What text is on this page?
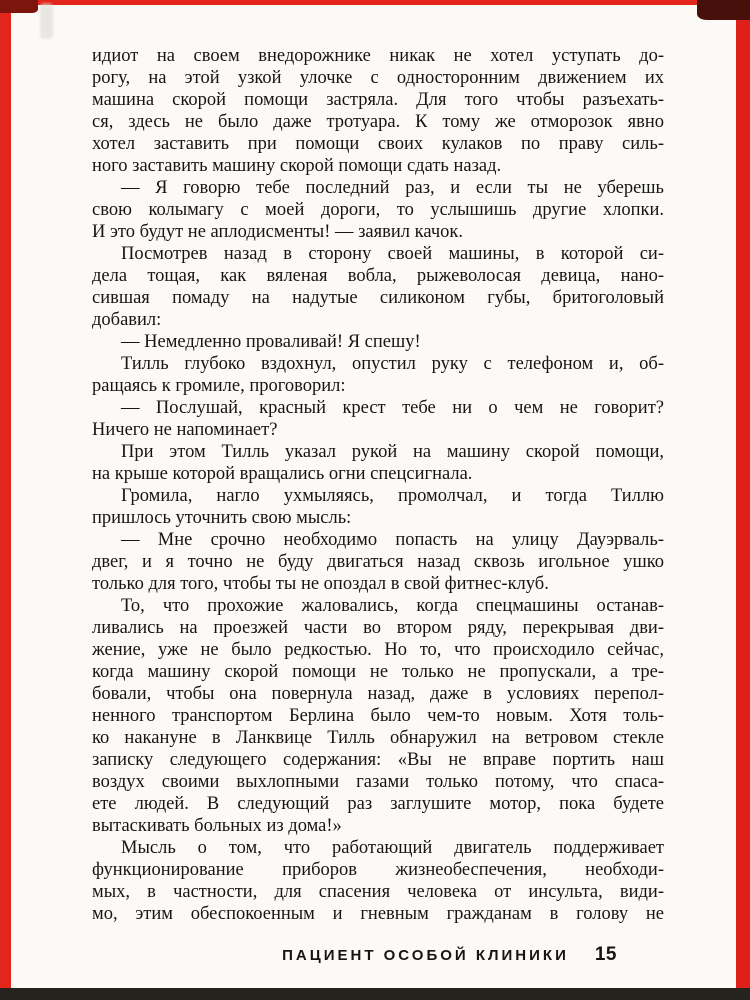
идиот на своем внедорожнике никак не хотел уступать до-
рогу, на этой узкой улочке с односторонним движением их
машина скорой помощи застряла. Для того чтобы разъехать-
ся, здесь не было даже тротуара. К тому же отморозок явно
хотел заставить при помощи своих кулаков по праву силь-
ного заставить машину скорой помощи сдать назад.
— Я говорю тебе последний раз, и если ты не уберешь
свою колымагу с моей дороги, то услышишь другие хлопки.
И это будут не аплодисменты! — заявил качок.
Посмотрев назад в сторону своей машины, в которой си-
дела тощая, как вяленая вобла, рыжеволосая девица, нано-
сившая помаду на надутые силиконом губы, бритоголовый
добавил:
— Немедленно проваливай! Я спешу!
Тилль глубоко вздохнул, опустил руку с телефоном и, об-
ращаясь к громиле, проговорил:
— Послушай, красный крест тебе ни о чем не говорит?
Ничего не напоминает?
При этом Тилль указал рукой на машину скорой помощи,
на крыше которой вращались огни спецсигнала.
Громила, нагло ухмыляясь, промолчал, и тогда Тиллю
пришлось уточнить свою мысль:
— Мне срочно необходимо попасть на улицу Дауэрваль-
двег, и я точно не буду двигаться назад сквозь игольное ушко
только для того, чтобы ты не опоздал в свой фитнес-клуб.
То, что прохожие жаловались, когда спецмашины останав-
ливались на проезжей части во втором ряду, перекрывая дви-
жение, уже не было редкостью. Но то, что происходило сейчас,
когда машину скорой помощи не только не пропускали, а тре-
бовали, чтобы она повернула назад, даже в условиях перепол-
ненного транспортом Берлина было чем-то новым. Хотя толь-
ко накануне в Ланквице Тилль обнаружил на ветровом стекле
записку следующего содержания: «Вы не вправе портить наш
воздух своими выхлопными газами только потому, что спаса-
ете людей. В следующий раз заглушите мотор, пока будете
вытаскивать больных из дома!»
Мысль о том, что работающий двигатель поддерживает
функционирование приборов жизнеобеспечения, необходи-
мых, в частности, для спасения человека от инсульта, види-
мо, этим обеспокоенным и гневным гражданам в голову не
ПАЦИЕНТ ОСОБОЙ КЛИНИКИ 15
